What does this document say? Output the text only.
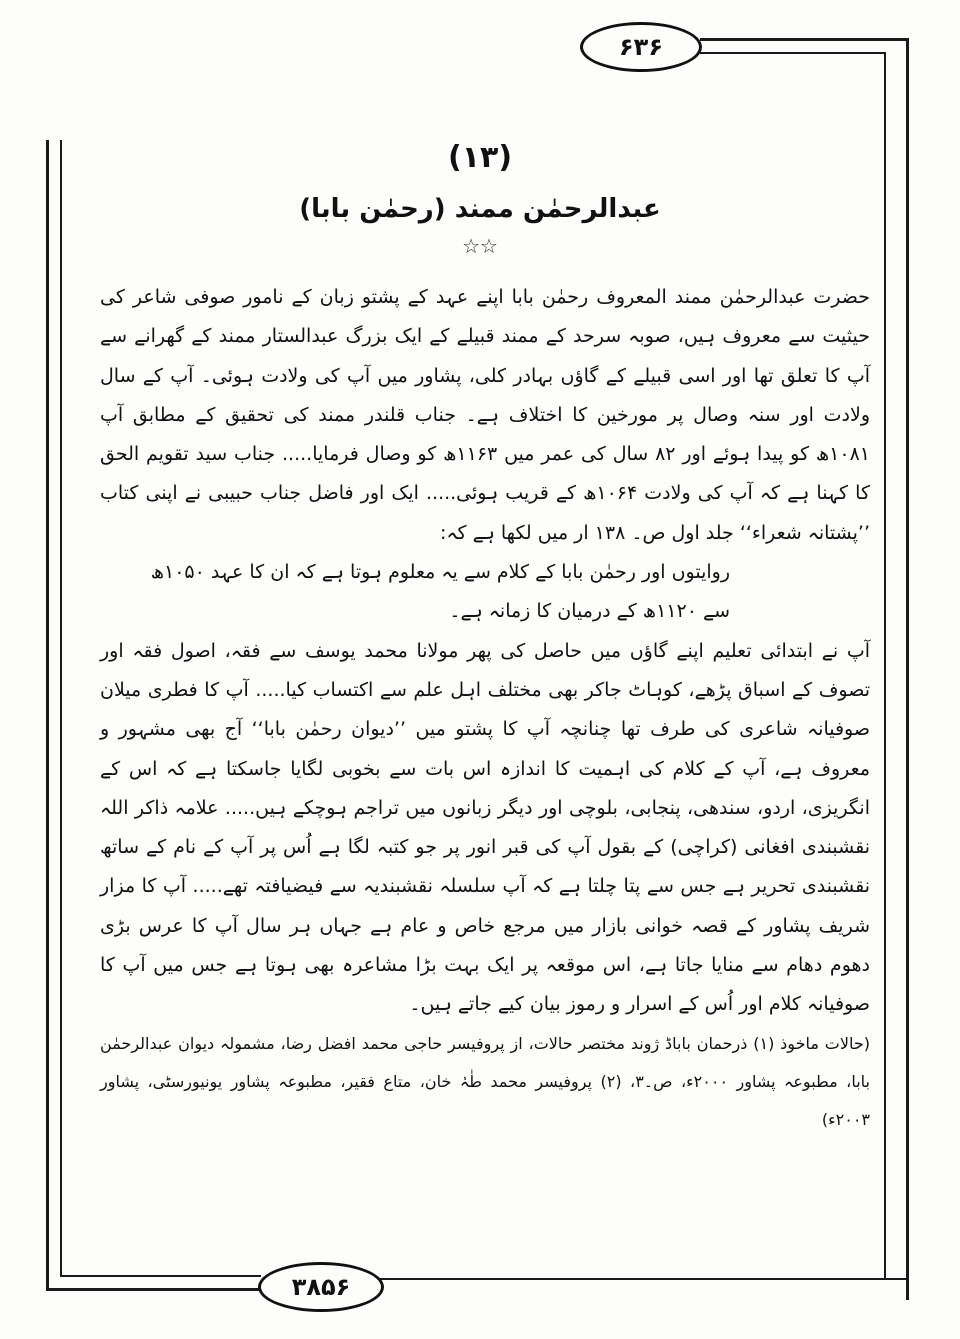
۶۳۶
۳۸۵۶
(۱۳)
عبدالرحمٰن ممند (رحمٰن بابا)
☆☆

حضرت عبدالرحمٰن ممند المعروف رحمٰن بابا اپنے عہد کے پشتو زبان کے نامور صوفی شاعر کی حیثیت سے معروف ہیں، صوبہ سرحد کے ممند قبیلے کے ایک بزرگ عبدالستار ممند کے گھرانے سے آپ کا تعلق تھا اور اسی قبیلے کے گاؤں بہادر کلی، پشاور میں آپ کی ولادت ہوئی۔ آپ کے سال ولادت اور سنہ وصال پر مورخین کا اختلاف ہے۔ جناب قلندر ممند کی تحقیق کے مطابق آپ ۱۰۸۱ھ کو پیدا ہوئے اور ۸۲ سال کی عمر میں ۱۱۶۳ھ کو وصال فرمایا..... جناب سید تقویم الحق کا کہنا ہے کہ آپ کی ولادت ۱۰۶۴ھ کے قریب ہوئی..... ایک اور فاضل جناب حبیبی نے اپنی کتاب ’’پشتانہ شعراء‘‘ جلد اول ص۔ ۱۳۸ ار میں لکھا ہے کہ:

روایتوں اور رحمٰن بابا کے کلام سے یہ معلوم ہوتا ہے کہ ان کا عہد ۱۰۵۰ھ

سے ۱۱۲۰ھ کے درمیان کا زمانہ ہے۔

آپ نے ابتدائی تعلیم اپنے گاؤں میں حاصل کی پھر مولانا محمد یوسف سے فقہ، اصول فقہ اور تصوف کے اسباق پڑھے، کوہاٹ جاکر بھی مختلف اہل علم سے اکتساب کیا..... آپ کا فطری میلان صوفیانہ شاعری کی طرف تھا چنانچہ آپ کا پشتو میں ’’دیوان رحمٰن بابا‘‘ آج بھی مشہور و معروف ہے، آپ کے کلام کی اہمیت کا اندازہ اس بات سے بخوبی لگایا جاسکتا ہے کہ اس کے انگریزی، اردو، سندھی، پنجابی، بلوچی اور دیگر زبانوں میں تراجم ہوچکے ہیں..... علامہ ذاکر اللہ نقشبندی افغانی (کراچی) کے بقول آپ کی قبر انور پر جو کتبہ لگا ہے اُس پر آپ کے نام کے ساتھ نقشبندی تحریر ہے جس سے پتا چلتا ہے کہ آپ سلسلہ نقشبندیہ سے فیضیافتہ تھے..... آپ کا مزار شریف پشاور کے قصہ خوانی بازار میں مرجع خاص و عام ہے جہاں ہر سال آپ کا عرس بڑی دھوم دھام سے منایا جاتا ہے، اس موقعہ پر ایک بہت بڑا مشاعرہ بھی ہوتا ہے جس میں آپ کا صوفیانہ کلام اور اُس کے اسرار و رموز بیان کیے جاتے ہیں۔

(حالات ماخوذ (۱) ذرحمان باباڈ ژوند مختصر حالات، از پروفیسر حاجی محمد افضل رضا، مشمولہ دیوان عبدالرحمٰن بابا، مطبوعہ پشاور ۲۰۰۰ء، ص۔۳، (۲) پروفیسر محمد طٰہٰ خان، متاع فقیر، مطبوعہ پشاور یونیورسٹی، پشاور ۲۰۰۳ء)
